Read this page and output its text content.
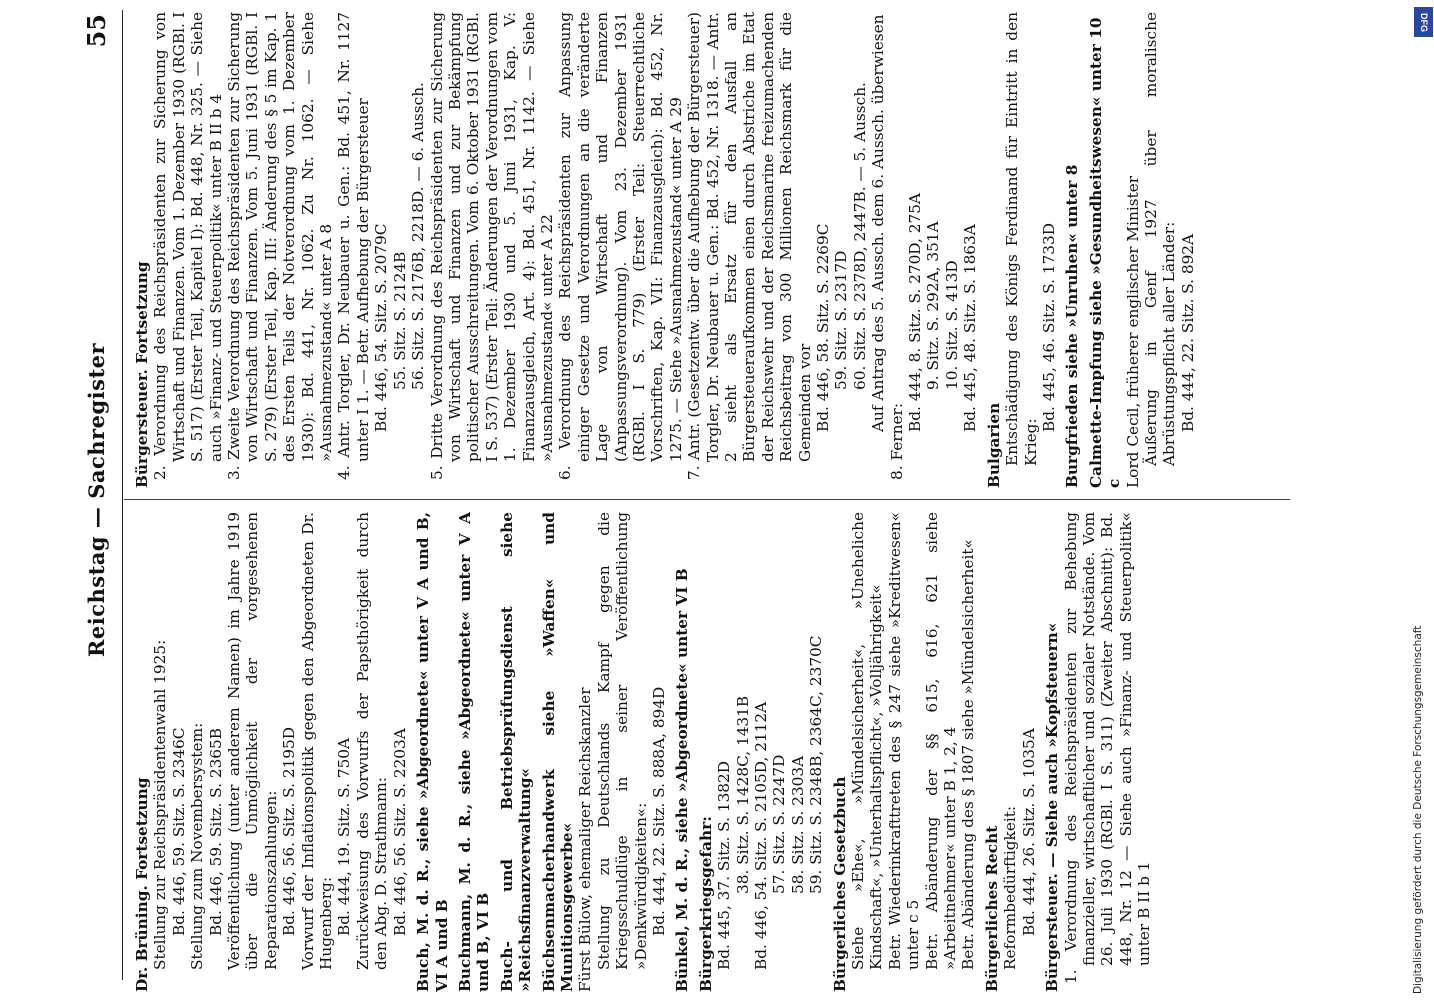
Reichstag — Sachregister
55

Dr. Brüning. Fortsetzung Stellung zur Reichspräsidentenwahl 1925: Bd. 446, 59. Sitz. S. 2346C Stellung zum Novembersystem: Bd. 446, 59. Sitz. S. 2365B Veröffentlichung (unter anderem Namen) im Jahre 1919 über die Unmöglichkeit der vorgesehenen Reparationszahlungen: Bd. 446, 56. Sitz. S. 2195D Vorwurf der Inflationspolitik gegen den Abgeordneten Dr. Hugenberg: Bd. 444, 19. Sitz. S. 750A Zurückweisung des Vorwurfs der Papsthörigkeit durch den Abg. D. Strathmann: Bd. 446, 56. Sitz. S. 2203A Buch, M. d. R., siehe »Abgeordnete« unter V A und B, VI A und B Buchmann, M. d. R., siehe »Abgeordnete« unter V A und B, VI B Buch- und Betriebsprüfungsdienst siehe »Reichsfinanzverwaltung« Büchsenmacherhandwerk siehe »Waffen« und Munitionsgewerbe« Fürst Bülow, ehemaliger Reichskanzler Stellung zu Deutschlands Kampf gegen die Kriegsschuldlüge in seiner Veröffentlichung »Denkwürdigkeiten«: Bd. 444, 22. Sitz. S. 888A, 894D Bünkel, M. d. R., siehe »Abgeordnete« unter VI B Bürgerkriegsgefahr: Bd. 445, 37. Sitz. S. 1382D 38. Sitz. S. 1428C, 1431B Bd. 446, 54. Sitz. S. 2105D, 2112A 57. Sitz. S. 2247D 58. Sitz. S. 2303A 59. Sitz. S. 2348B, 2364C, 2370C Bürgerliches Gesetzbuch Siehe »Ehe«, »Mündelsicherheit«, »Uneheliche Kindschaft«, »Unterhaltspflicht«, »Volljährigkeit« Betr. Wiederinkrafttreten des § 247 siehe »Kreditwesen« unter c 5 Betr. Abänderung der §§ 615, 616, 621 siehe »Arbeitnehmer« unter B 1, 2, 4 Betr. Abänderung des § 1807 siehe »Mündelsicherheit« Bürgerliches Recht Reformbedürftigkeit: Bd. 444, 26. Sitz. S. 1035A Bürgersteuer. — Siehe auch »Kopfsteuern« 1. Verordnung des Reichspräsidenten zur Behebung finanzieller, wirtschaftlicher und sozialer Notstände. Vom 26. Juli 1930 (RGBl. I S. 311) (Zweiter Abschnitt): Bd. 448, Nr. 12 — Siehe auch »Finanz- und Steuerpolitik« unter B II b 1

Bürgersteuer. Fortsetzung 2. Verordnung des Reichspräsidenten zur Sicherung von Wirtschaft und Finanzen. Vom 1. Dezember 1930 (RGBl. I S. 517) (Erster Teil, Kapitel I): Bd. 448, Nr. 325. — Siehe auch »Finanz- und Steuerpolitik« unter B II b 4 3. Zweite Verordnung des Reichspräsidenten zur Sicherung von Wirtschaft und Finanzen. Vom 5. Juni 1931 (RGBl. I S. 279) (Erster Teil, Kap. III: Änderung des § 5 im Kap. 1 des Ersten Teils der Notverordnung vom 1. Dezember 1930): Bd. 441, Nr. 1062. Zu Nr. 1062. — Siehe »Ausnahmezustand« unter A 8 4. Antr. Torgler, Dr. Neubauer u. Gen.: Bd. 451, Nr. 1127 unter I 1. — Betr. Aufhebung der Bürgersteuer Bd. 446, 54. Sitz. S. 2079C 55. Sitz. S. 2124B 56. Sitz. S. 2176B, 2218D. — 6. Aussch. 5. Dritte Verordnung des Reichspräsidenten zur Sicherung von Wirtschaft und Finanzen und zur Bekämpfung politischer Ausschreitungen. Vom 6. Oktober 1931 (RGBl. I S. 537) (Erster Teil: Änderungen der Verordnungen vom 1. Dezember 1930 und 5. Juni 1931, Kap. V: Finanzausgleich, Art. 4): Bd. 451, Nr. 1142. — Siehe »Ausnahmezustand« unter A 22 6. Verordnung des Reichspräsidenten zur Anpassung einiger Gesetze und Verordnungen an die veränderte Lage von Wirtschaft und Finanzen (Anpassungsverordnung). Vom 23. Dezember 1931 (RGBl. I S. 779) (Erster Teil: Steuerrechtliche Vorschriften, Kap. VII: Finanzausgleich): Bd. 452, Nr. 1275. — Siehe »Ausnahmezustand« unter A 29 7. Antr. (Gesetzentw. über die Aufhebung der Bürgersteuer) Torgler, Dr. Neubauer u. Gen.: Bd. 452, Nr. 1318. — Antr. 2 sieht als Ersatz für den Ausfall an Bürgersteueraufkommen einen durch Abstriche im Etat der Reichswehr und der Reichsmarine freizumachenden Reichsbeitrag von 300 Millionen Reichsmark für die Gemeinden vor Bd. 446, 58. Sitz. S. 2269C 59. Sitz. S. 2317D 60. Sitz. S. 2378D, 2447B. — 5. Aussch. Auf Antrag des 5. Aussch. dem 6. Aussch. überwiesen

8. Ferner:

Bd. 444, 8. Sitz. S. 270D, 275A 9. Sitz. S. 292A, 351A 10. Sitz. S. 413D Bd. 445, 48. Sitz. S. 1863A

Bulgarien Entschädigung des Königs Ferdinand für Eintritt in den Krieg:

Bd. 445, 46. Sitz. S. 1733D Burgfrieden siehe »Unruhen« unter 8 Calmette-Impfung siehe »Gesundheitswesen« unter 10 c Lord Cecil, früherer englischer Minister Äußerung in Genf 1927 über moralische Abrüstungspflicht aller Länder: Bd. 444, 22. Sitz. S. 892A

Digitalisierung gefördert durch die Deutsche Forschungsgemeinschaft
DFG
